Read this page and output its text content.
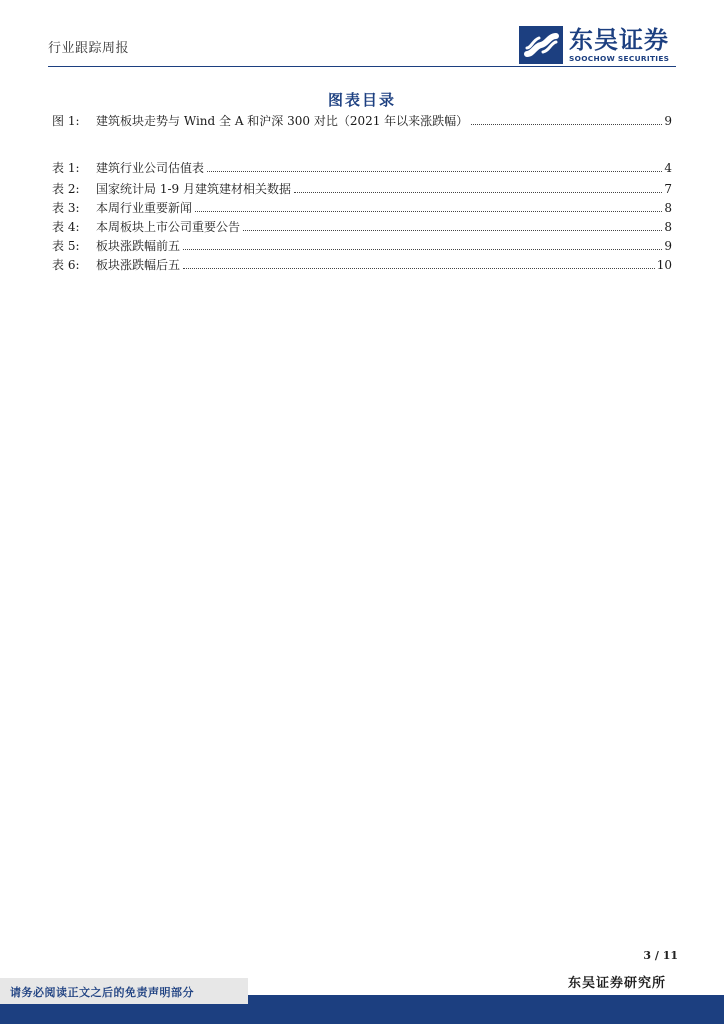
行业跟踪周报	东吴证券
SOOCHOW SECURITIES
图表目录
图 1:	建筑板块走势与 Wind 全 A 和沪深 300 对比（2021 年以来涨跌幅）	9
表 1:	建筑行业公司估值表	4
表 2:	国家统计局 1-9 月建筑建材相关数据	7
表 3:	本周行业重要新闻	8
表 4:	本周板块上市公司重要公告	8
表 5:	板块涨跌幅前五	9
表 6:	板块涨跌幅后五	10
3 / 11
东吴证券研究所
请务必阅读正文之后的免责声明部分
